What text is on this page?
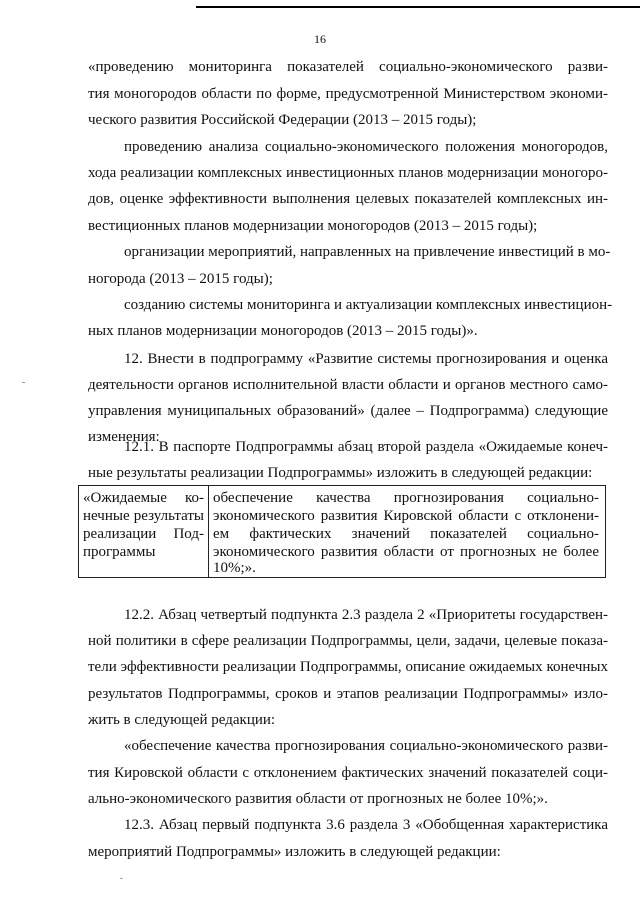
16
«проведению мониторинга показателей социально-экономического разви-
тия моногородов области по форме, предусмотренной Министерством экономи-
ческого развития Российской Федерации (2013 – 2015 годы);
проведению анализа социально-экономического положения моногородов,
хода реализации комплексных инвестиционных планов модернизации моногоро-
дов, оценке эффективности выполнения целевых показателей комплексных ин-
вестиционных планов модернизации моногородов (2013 – 2015 годы);
организации мероприятий, направленных на привлечение инвестиций в мо-
ногорода (2013 – 2015 годы);
созданию системы мониторинга и актуализации комплексных инвестицион-
ных планов модернизации моногородов (2013 – 2015 годы)».
12. Внести в подпрограмму «Развитие системы прогнозирования и оценка
деятельности органов исполнительной власти области и органов местного само-
управления муниципальных образований» (далее – Подпрограмма) следующие
изменения:
12.1. В паспорте Подпрограммы абзац второй раздела «Ожидаемые конеч-
ные результаты реализации Подпрограммы» изложить в следующей редакции:
«Ожидаемые ко-
нечные результаты
реализации Под-
программы
обеспечение качества прогнозирования социально-
экономического развития Кировской области с отклонени-
ем фактических значений показателей социально-
экономического развития области от прогнозных не более
10%;».
12.2. Абзац четвертый подпункта 2.3 раздела 2 «Приоритеты государствен-
ной политики в сфере реализации Подпрограммы, цели, задачи, целевые показа-
тели эффективности реализации Подпрограммы, описание ожидаемых конечных
результатов Подпрограммы, сроков и этапов реализации Подпрограммы» изло-
жить в следующей редакции:
«обеспечение качества прогнозирования социально-экономического разви-
тия Кировской области с отклонением фактических значений показателей соци-
ально-экономического развития области от прогнозных не более 10%;».
12.3. Абзац первый подпункта 3.6 раздела 3 «Обобщенная характеристика
мероприятий Подпрограммы» изложить в следующей редакции:
